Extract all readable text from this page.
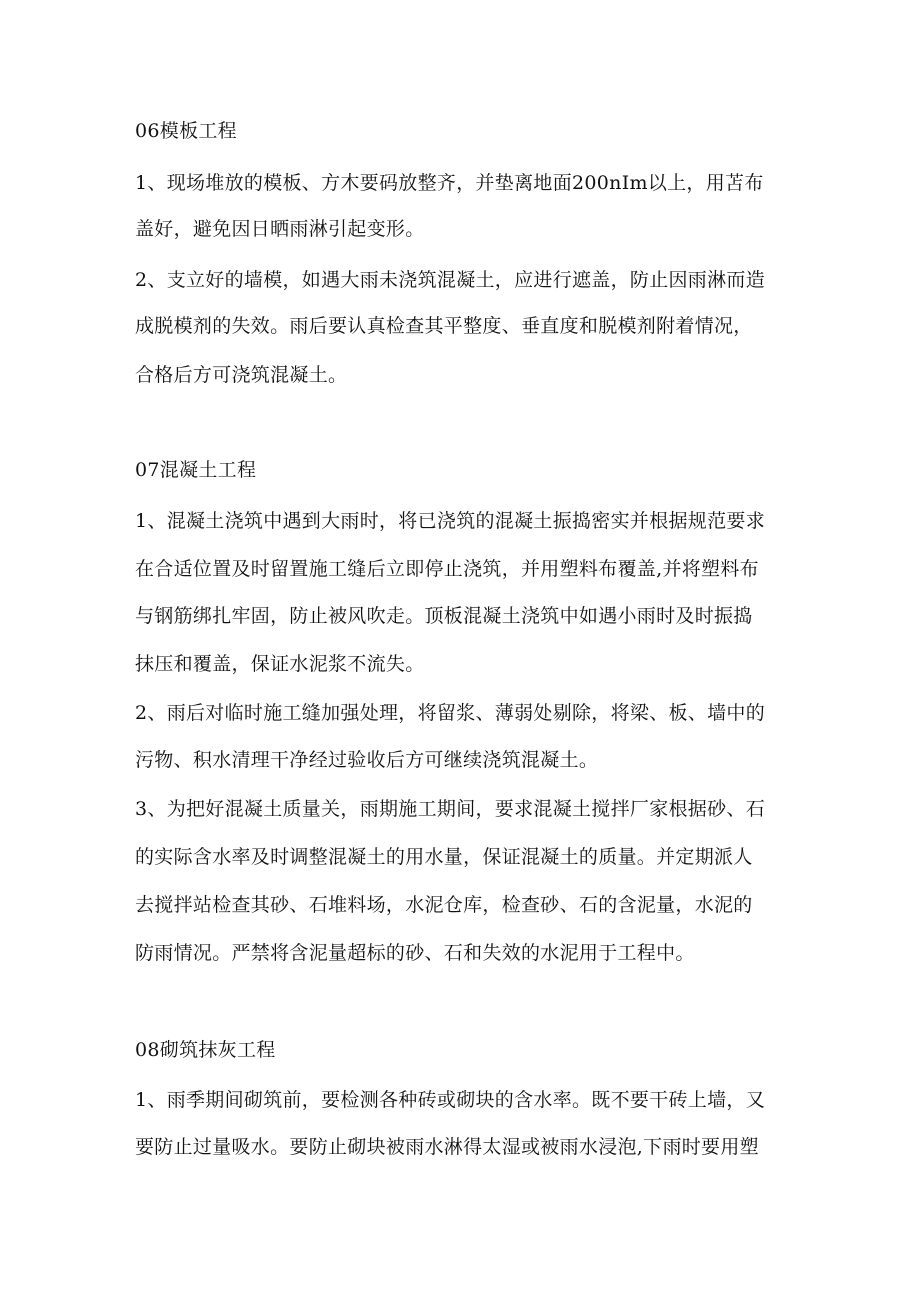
06模板工程

1、现场堆放的模板、方木要码放整齐，并垫离地面200nIm以上，用苫布

盖好，避免因日晒雨淋引起变形。

2、支立好的墙模，如遇大雨未浇筑混凝土，应进行遮盖，防止因雨淋而造

成脱模剂的失效。雨后要认真检查其平整度、垂直度和脱模剂附着情况，

合格后方可浇筑混凝土。

07混凝土工程

1、混凝土浇筑中遇到大雨时，将已浇筑的混凝土振捣密实并根据规范要求

在合适位置及时留置施工缝后立即停止浇筑，并用塑料布覆盖,并将塑料布

与钢筋绑扎牢固，防止被风吹走。顶板混凝土浇筑中如遇小雨时及时振捣

抹压和覆盖，保证水泥浆不流失。

2、雨后对临时施工缝加强处理，将留浆、薄弱处剔除，将梁、板、墙中的

污物、积水清理干净经过验收后方可继续浇筑混凝土。

3、为把好混凝土质量关，雨期施工期间，要求混凝土搅拌厂家根据砂、石

的实际含水率及时调整混凝土的用水量，保证混凝土的质量。并定期派人

去搅拌站检查其砂、石堆料场，水泥仓库，检查砂、石的含泥量，水泥的

防雨情况。严禁将含泥量超标的砂、石和失效的水泥用于工程中。

08砌筑抹灰工程

1、雨季期间砌筑前，要检测各种砖或砌块的含水率。既不要干砖上墙，又

要防止过量吸水。要防止砌块被雨水淋得太湿或被雨水浸泡,下雨时要用塑
